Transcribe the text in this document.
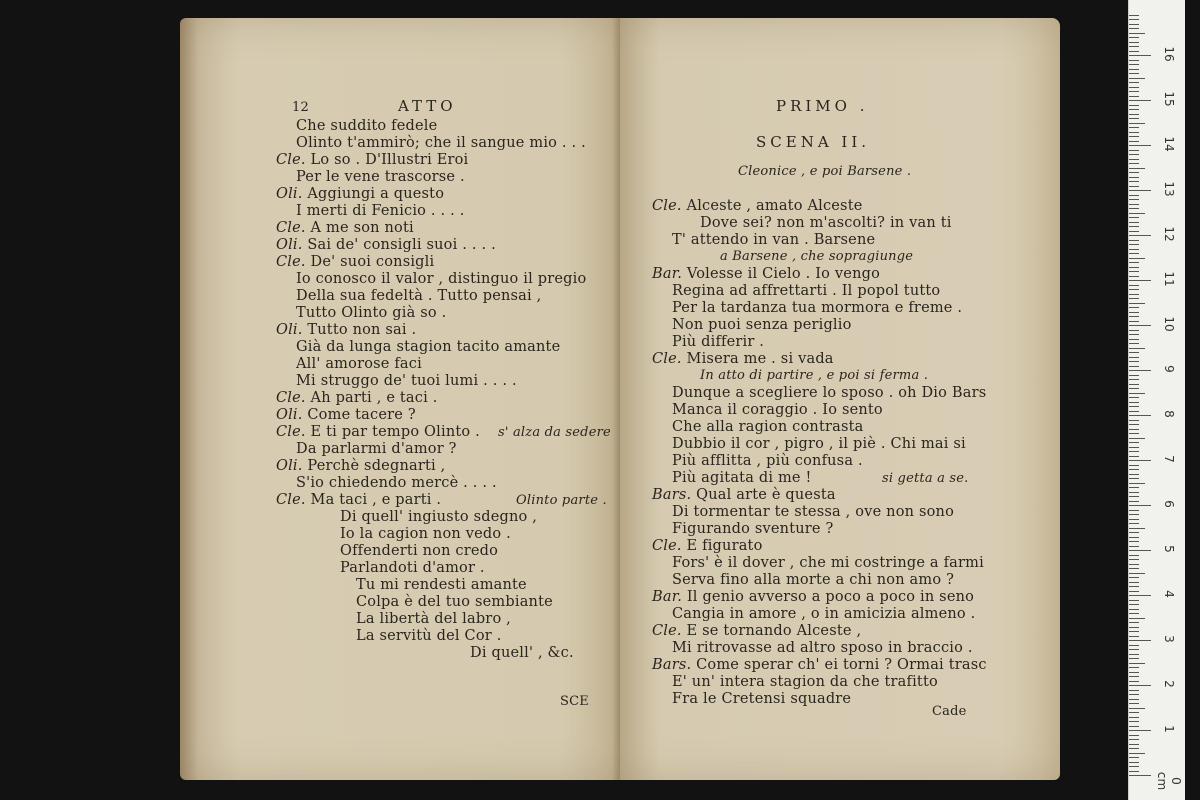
12	ATTO
Che suddito fedele
Olinto t'ammirò; che il sangue mio . . .
Cle. Lo so . D'Illustri Eroi
Per le vene trascorse .
Oli. Aggiungi a questo
I merti di Fenicio . . . .
Cle. A me son noti
Oli. Sai de' consigli suoi . . . .
Cle. De' suoi consigli
Io conosco il valor , distinguo il pregio
Della sua fedeltà . Tutto pensai ,
Tutto Olinto già so .
Oli. Tutto non sai .
Già da lunga stagion tacito amante
All' amorose faci
Mi struggo de' tuoi lumi . . . .
Cle. Ah parti , e taci .
Oli. Come tacere ?
Cle. E ti par tempo Olinto . s' alza da sedere
Da parlarmi d'amor ?
Oli. Perchè sdegnarti ,
S'io chiedendo mercè . . . .
Cle. Ma taci , e parti .	Olinto parte .
Di quell' ingiusto sdegno ,
Io la cagion non vedo .
Offenderti non credo
Parlandoti d'amor .
Tu mi rendesti amante
Colpa è del tuo sembiante
La libertà del labro ,
La servitù del Cor .
Di quell' , &c.
SCE
PRIMO .
SCENA II.
Cleonice , e poi Barsene .
Cle. Alceste , amato Alceste
Dove sei? non m'ascolti? in van ti
T' attendo in van . Barsene
a Barsene , che sopragiunge
Bar. Volesse il Cielo . Io vengo
Regina ad affrettarti . Il popol tutto
Per la tardanza tua mormora e freme .
Non puoi senza periglio
Più differir .
Cle. Misera me . si vada
In atto di partire , e poi si ferma .
Dunque a scegliere lo sposo . oh Dio Bars
Manca il coraggio . Io sento
Che alla ragion contrasta
Dubbio il cor , pigro , il piè . Chi mai si
Più afflitta , più confusa .
Più agitata di me !	si getta a se.
Bars. Qual arte è questa
Di tormentar te stessa , ove non sono
Figurando sventure ?
Cle. E figurato
Fors' è il dover , che mi costringe a farmi
Serva fino alla morte a chi non amo ?
Bar. Il genio avverso a poco a poco in seno
Cangia in amore , o in amicizia almeno .
Cle. E se tornando Alceste ,
Mi ritrovasse ad altro sposo in braccio .
Bars. Come sperar ch' ei torni ? Ormai trasc
E' un' intera stagion da che trafitto
Fra le Cretensi squadre
Cade
0 cm
1
2
3
4
5
6
7
8
9
10
11
12
13
14
15
16
